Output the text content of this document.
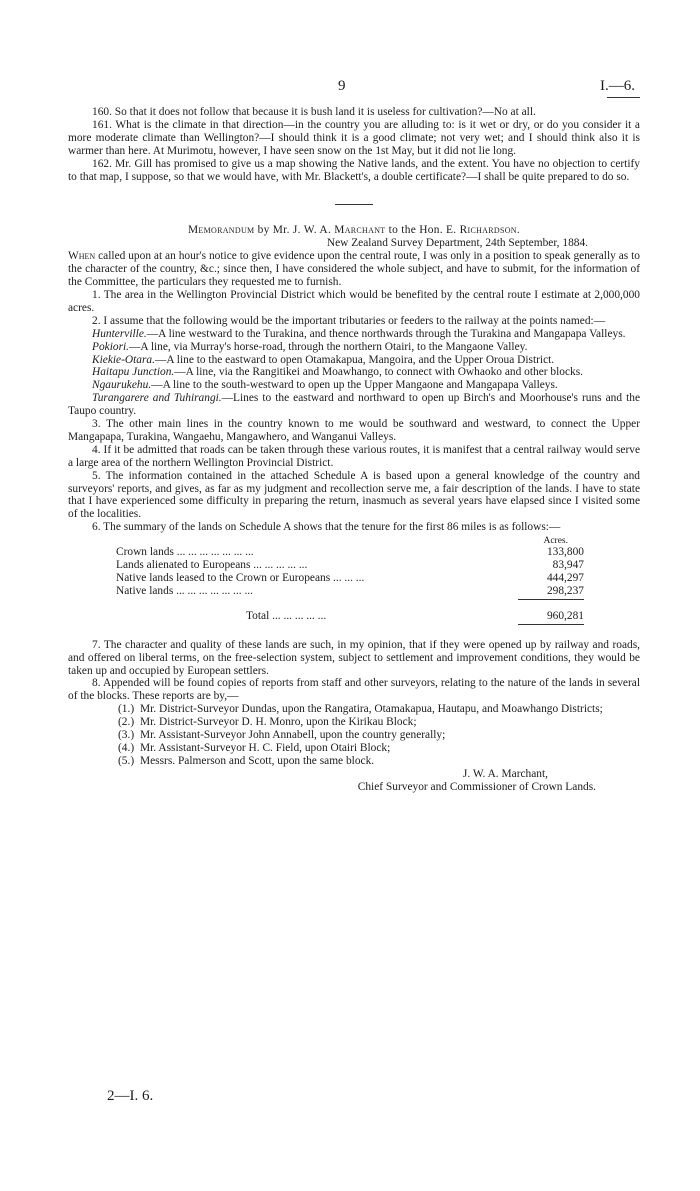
9	I.—6.

160. So that it does not follow that because it is bush land it is useless for cultivation?—No at all.

161. What is the climate in that direction—in the country you are alluding to: is it wet or dry, or do you consider it a more moderate climate than Wellington?—I should think it is a good climate; not very wet; and I should think also it is warmer than here. At Murimotu, however, I have seen snow on the 1st May, but it did not lie long.

162. Mr. Gill has promised to give us a map showing the Native lands, and the extent. You have no objection to certify to that map, I suppose, so that we would have, with Mr. Blackett's, a double certificate?—I shall be quite prepared to do so.

Memorandum by Mr. J. W. A. Marchant to the Hon. E. Richardson.
New Zealand Survey Department, 24th September, 1884.

When called upon at an hour's notice to give evidence upon the central route, I was only in a position to speak generally as to the character of the country, &c.; since then, I have considered the whole subject, and have to submit, for the information of the Committee, the particulars they requested me to furnish.

1. The area in the Wellington Provincial District which would be benefited by the central route I estimate at 2,000,000 acres.

2. I assume that the following would be the important tributaries or feeders to the railway at the points named:—

Hunterville.—A line westward to the Turakina, and thence northwards through the Turakina and Mangapapa Valleys.

Pokiori.—A line, via Murray's horse-road, through the northern Otairi, to the Mangaone Valley.

Kiekie-Otara.—A line to the eastward to open Otamakapua, Mangoira, and the Upper Oroua District.

Haitapu Junction.—A line, via the Rangitikei and Moawhango, to connect with Owhaoko and other blocks.

Ngaurukehu.—A line to the south-westward to open up the Upper Mangaone and Mangapapa Valleys.

Turangarere and Tuhirangi.—Lines to the eastward and northward to open up Birch's and Moorhouse's runs and the Taupo country.

3. The other main lines in the country known to me would be southward and westward, to connect the Upper Mangapapa, Turakina, Wangaehu, Mangawhero, and Wanganui Valleys.

4. If it be admitted that roads can be taken through these various routes, it is manifest that a central railway would serve a large area of the northern Wellington Provincial District.

5. The information contained in the attached Schedule A is based upon a general knowledge of the country and surveyors' reports, and gives, as far as my judgment and recollection serve me, a fair description of the lands. I have to state that I have experienced some difficulty in preparing the return, inasmuch as several years have elapsed since I visited some of the localities.

6. The summary of the lands on Schedule A shows that the tenure for the first 86 miles is as follows:—

Acres.
Crown lands ... ... ... ... ... ... ...	133,800
Lands alienated to Europeans ... ... ... ... ...	83,947
Native lands leased to the Crown or Europeans ... ... ...	444,297
Native lands ... ... ... ... ... ... ...	298,237
Total ... ... ... ... ...	960,281

7. The character and quality of these lands are such, in my opinion, that if they were opened up by railway and roads, and offered on liberal terms, on the free-selection system, subject to settlement and improvement conditions, they would be taken up and occupied by European settlers.

8. Appended will be found copies of reports from staff and other surveyors, relating to the nature of the lands in several of the blocks. These reports are by,—

(1.) Mr. District-Surveyor Dundas, upon the Rangatira, Otamakapua, Hautapu, and Moawhango Districts;
(2.) Mr. District-Surveyor D. H. Monro, upon the Kirikau Block;
(3.) Mr. Assistant-Surveyor John Annabell, upon the country generally;
(4.) Mr. Assistant-Surveyor H. C. Field, upon Otairi Block;
(5.) Messrs. Palmerson and Scott, upon the same block.
J. W. A. Marchant,
Chief Surveyor and Commissioner of Crown Lands.
2—I. 6.
